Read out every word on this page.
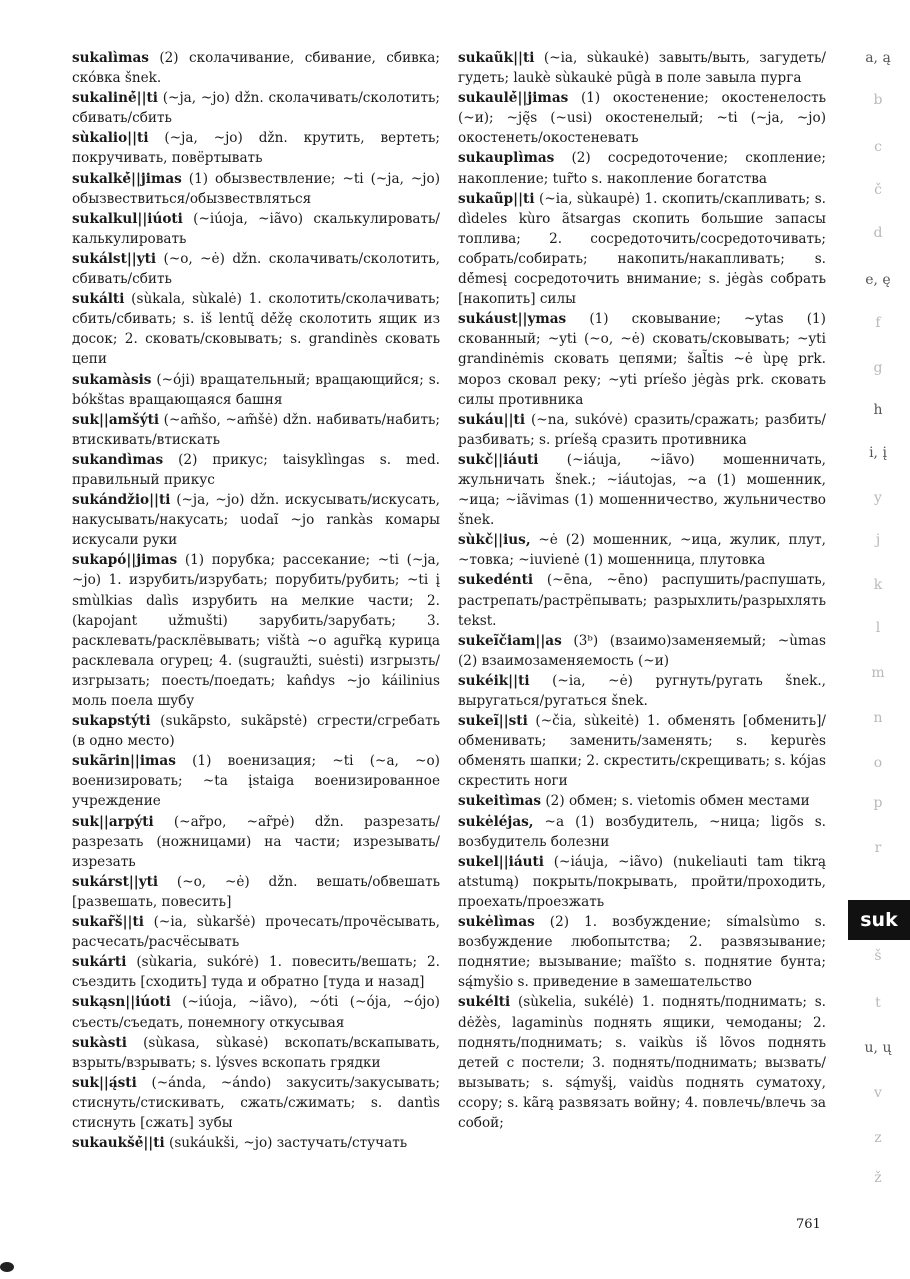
sukalìmas (2) сколачивание, сбивание, сбивка; скóвка šnek.

sukalinė́||ti (~ja, ~jo) džn. сколачивать/сколотить; сбивать/сбить

sùkalio||ti (~ja, ~jo) džn. крутить, вертеть; покручивать, повёртывать

sukalkė́||jimas (1) обызвествление; ~ti (~ja, ~jo) обызвествиться/обызвествляться

sukalkul||iúoti (~iúoja, ~iãvo) скалькулировать/калькулировать

sukálst||yti (~o, ~ė) džn. сколачивать/сколотить, сбивать/сбить

sukálti (sùkala, sùkalė) 1. сколотить/сколачивать; сбить/сбивать; s. iš lentų̃ dė́žę сколотить ящик из досок; 2. сковать/сковывать; s. grandinès сковать цепи

sukamàsis (~óji) вращательный; вращающийся; s. bókštas вращающаяся башня

suk||amšýti (~am̃šo, ~am̃šė) džn. набивать/набить; втискивать/втискать

sukandìmas (2) прикус; taisyklìngas s. med. правильный прикус

sukándžio||ti (~ja, ~jo) džn. искусывать/искусать, накусывать/накусать; uodaĩ ~jo rankàs комары искусали руки

sukapó||jimas (1) порубка; рассекание; ~ti (~ja, ~jo) 1. изрубить/изрубать; порубить/рубить; ~ti į smùlkias dalìs изрубить на мелкие части; 2. (kapojant užmušti) зарубить/зарубать; 3. расклевать/расклёвывать; vištà ~o agur̃ką курица расклевала огурец; 4. (sugraužti, suėsti) изгрызть/изгрызать; поесть/поедать; kan̂dys ~jo káilinius моль поела шубу

sukapstýti (sukãpsto, sukãpstė) сгрести/сгребать (в одно место)

sukãrin||imas (1) военизация; ~ti (~a, ~o) военизировать; ~ta įstaiga военизированное учреждение

suk||arpýti (~ar̃po, ~ar̃pė) džn. разрезать/разрезать (ножницами) на части; изрезывать/изрезать

sukárst||yti (~o, ~ė) džn. вешать/обвешать [развешать, повесить]

sukar̃š||ti (~ia, sùkaršė) прочесать/прочёсывать, расчесать/расчёсывать

sukárti (sùkaria, sukórė) 1. повесить/вешать; 2. съездить [сходить] туда и обратно [туда и назад]

sukąsn||iúoti (~iúoja, ~iãvo), ~óti (~ója, ~ójo) съесть/съедать, понемногу откусывая

sukàsti (sùkasa, sùkasė) вскопать/вскапывать, взрыть/взрывать; s. lýsves вскопать грядки

suk||ą́sti (~ánda, ~ándo) закусить/закусывать; стиснуть/стискивать, сжать/сжимать; s. dantìs стиснуть [сжать] зубы

sukaukšė́||ti (sukáukši, ~jo) застучать/стучать

sukaũk||ti (~ia, sùkaukė) завыть/выть, загудеть/гудеть; laukè sùkaukė pūgà в поле завыла пурга

sukaulė́||jimas (1) окостенение; окостенелость (~и); ~ję̃s (~usi) окостенелый; ~ti (~ja, ~jo) окостенеть/окостеневать

sukauplìmas (2) сосредоточение; скопление; накопление; tur̃to s. накопление богатства

sukaũp||ti (~ia, sùkaupė) 1. скопить/скапливать; s. dìdeles kùro ãtsargas скопить большие запасы топлива; 2. сосредоточить/сосредоточивать; собрать/собирать; накопить/накапливать; s. dė́mesį сосредоточить внимание; s. jėgàs собрать [накопить] силы

sukáust||ymas (1) сковывание; ~ytas (1) скованный; ~yti (~o, ~ė) сковать/сковывать; ~yti grandinėmis сковать цепями; šal̃tis ~ė ùpę prk. мороз сковал реку; ~yti príešo jėgàs prk. сковать силы противника

sukáu||ti (~na, sukóvė) сразить/сражать; разбить/разбивать; s. príešą сразить противника

sukč||iáuti (~iáuja, ~iãvo) мошенничать, жульничать šnek.; ~iáutojas, ~a (1) мошенник, ~ица; ~iãvimas (1) мошенничество, жульничество šnek.

sùkč||ius, ~ė (2) мошенник, ~ица, жулик, плут, ~товка; ~iuvienė (1) мошенница, плутовка

sukedénti (~ēna, ~ēno) распушить/распушать, растрепать/растрёпывать; разрыхлить/разрыхлять tekst.

sukeĩčiam||as (3ᵇ) (взаимо)заменяемый; ~ùmas (2) взаимозаменяемость (~и)

sukéik||ti (~ia, ~ė) ругнуть/ругать šnek., выругаться/ругаться šnek.

sukeĩ||sti (~čia, sùkeitė) 1. обменять [обменить]/обменивать; заменить/заменять; s. kepurès обменять шапки; 2. скрестить/скрещивать; s. kójas скрестить ноги

sukeitìmas (2) обмен; s. vietomis обмен местами

sukėléjas, ~a (1) возбудитель, ~ница; ligõs s. возбудитель болезни

sukel||iáuti (~iáuja, ~iãvo) (nukeliauti tam tikrą atstumą) покрыть/покрывать, пройти/проходить, проехать/проезжать

sukėlìmas (2) 1. возбуждение; símalsùmo s. возбуждение любопытства; 2. развязывание; поднятие; вызывание; maĩšto s. поднятие бунта; są́myšio s. приведение в замешательство

sukélti (sùkelia, sukélė) 1. поднять/поднимать; s. dėžès, lagaminùs поднять ящики, чемоданы; 2. поднять/поднимать; s. vaikùs iš lõvos поднять детей с постели; 3. поднять/поднимать; вызвать/вызывать; s. są́myšį, vaidùs поднять суматоху, ссору; s. kãrą развязать войну; 4. повлечь/влечь за собой;

a, ą
b
c
č
d
e, ę
f
g
h
i, į
y
j
k
l
m
n
o
p
r
š
t
u, ų
v
z
ž
suk
761
